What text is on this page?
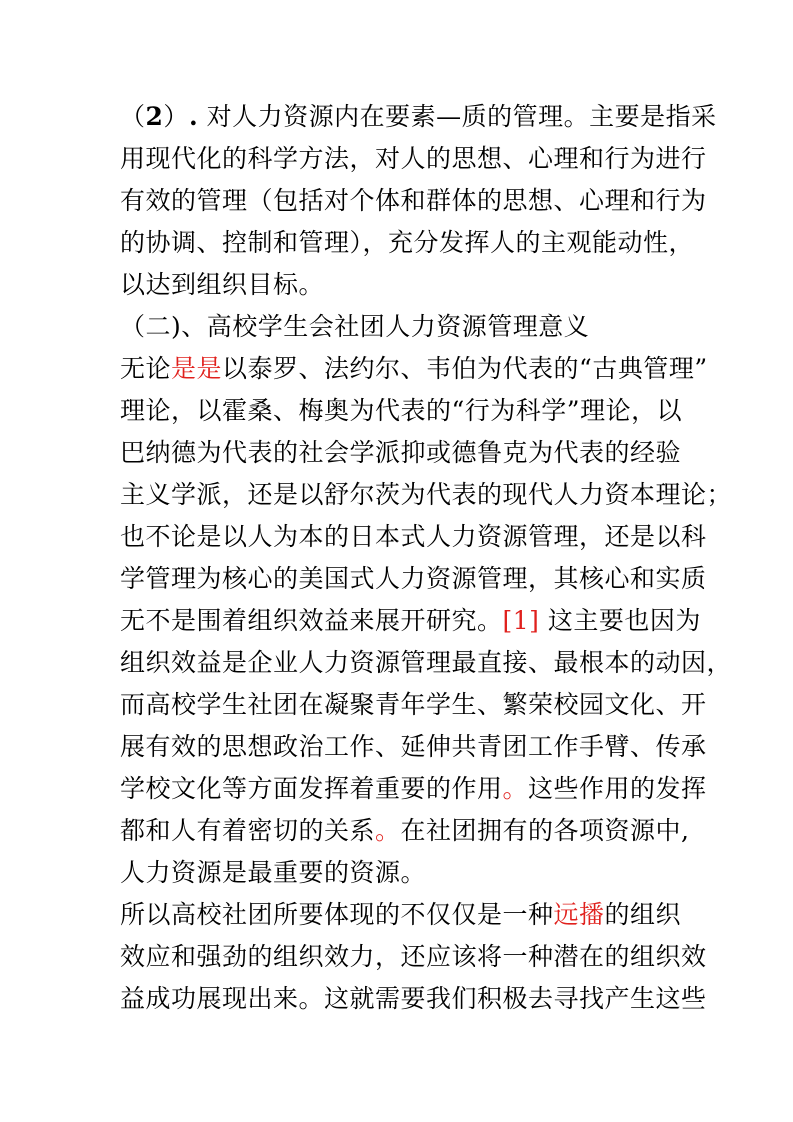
（2）. 对人力资源内在要素—质的管理。主要是指采
用现代化的科学方法，对人的思想、心理和行为进行
有效的管理（包括对个体和群体的思想、心理和行为
的协调、控制和管理），充分发挥人的主观能动性，
以达到组织目标。
（二)、高校学生会社团人力资源管理意义
无论是是以泰罗、法约尔、韦伯为代表的“古典管理”
理论，以霍桑、梅奥为代表的“行为科学”理论，以
巴纳德为代表的社会学派抑或德鲁克为代表的经验
主义学派，还是以舒尔茨为代表的现代人力资本理论；
也不论是以人为本的日本式人力资源管理，还是以科
学管理为核心的美国式人力资源管理，其核心和实质
无不是围着组织效益来展开研究。[1] 这主要也因为
组织效益是企业人力资源管理最直接、最根本的动因，
而高校学生社团在凝聚青年学生、繁荣校园文化、开
展有效的思想政治工作、延伸共青团工作手臂、传承
学校文化等方面发挥着重要的作用。这些作用的发挥
都和人有着密切的关系。在社团拥有的各项资源中,
人力资源是最重要的资源。
所以高校社团所要体现的不仅仅是一种远播的组织
效应和强劲的组织效力，还应该将一种潜在的组织效
益成功展现出来。这就需要我们积极去寻找产生这些
